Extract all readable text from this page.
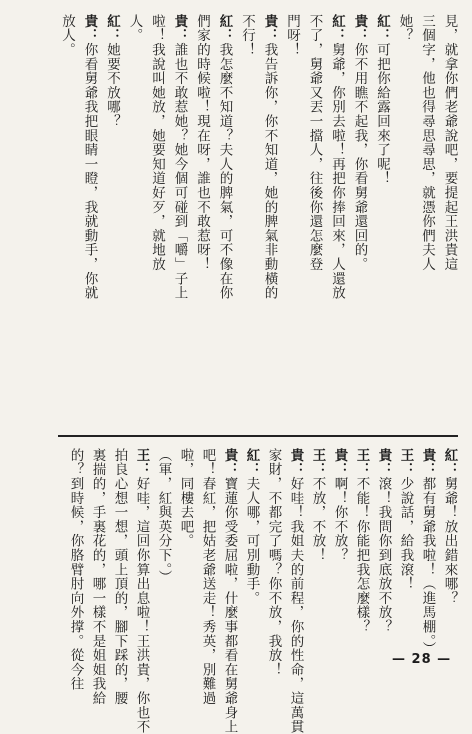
見，就拿你們老爺說吧，要提起王洪貴這
三個字，他也得尋思尋思，就憑你們夫人
她？
紅：可把你給露回來了呢！
貴：你不用瞧不起我，你看舅爺還回的。
紅：舅爺，你別去啦！再把你捧回來，人還放
不了，舅爺又丟一擋人，往後你還怎麼登
門呀！
貴：我告訴你，你不知道，她的脾氣非動橫的
不行！
紅：我怎麼不知道？夫人的脾氣，可不像在你
們家的時候啦！現在呀，誰也不敢惹呀！
貴：誰也不敢惹她？她今個可碰到「嚼」子上
啦！我說叫她放，她要知道好歹，就地放
人。
紅：她要不放哪？
貴：你看舅爺我把眼睛一瞪，我就動手，你就
放人。
紅：舅爺！放出錯來哪？
貴：都有舅爺我啦！（進馬棚。）
王：少說話，給我滾！
貴：滾！我問你到底放不放？
王：不能！你能把我怎麼樣？
貴：啊！你不放？
王：不放，不放！
貴：好哇！我姐夫的前程，你的性命，這萬貫
家財，不都完了嗎？你不放，我放！
紅：夫人哪，可別動手。
貴：寶蓮你受委屈啦，什麼事都看在舅爺身上
吧！春紅，把姑老爺送走！秀英，別難過
啦，同樓去吧。
（軍，紅與英分下。）
王：好哇，這回你算出息啦！王洪貴，你也不
拍良心想一想，頭上頂的，腳下踩的，腰
裏揣的，手裏花的，哪一樣不是姐姐我給
的？到時候，你胳臂肘向外撑。從今往	— 28 —
